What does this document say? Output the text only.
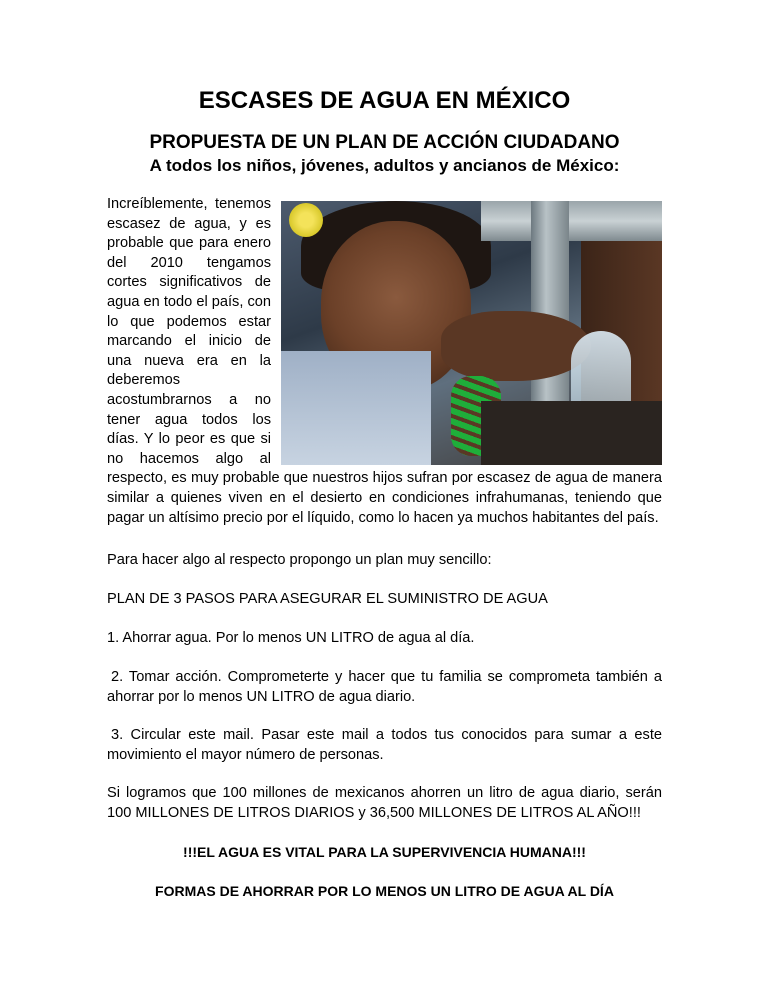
ESCASES DE AGUA EN MÉXICO
PROPUESTA DE UN PLAN DE ACCIÓN CIUDADANO
A todos los niños, jóvenes, adultos y ancianos de México:

Increíblemente, tenemos escasez de agua, y es probable que para enero del 2010 tengamos cortes significativos de agua en todo el país, con lo que podemos estar marcando el inicio de una nueva era en la deberemos acostumbrarnos a no tener agua todos los días. Y lo peor es que si no hacemos algo al respecto, es muy probable que nuestros hijos sufran por escasez de agua de manera similar a quienes viven en el desierto en condiciones infrahumanas, teniendo que pagar un altísimo precio por el líquido, como lo hacen ya muchos habitantes del país.

Para hacer algo al respecto propongo un plan muy sencillo:

PLAN DE 3 PASOS PARA ASEGURAR EL SUMINISTRO DE AGUA

1. Ahorrar agua. Por lo menos UN LITRO de agua al día.

2. Tomar acción. Comprometerte y hacer que tu familia se comprometa también a ahorrar por lo menos UN LITRO de agua diario.

3. Circular este mail. Pasar este mail a todos tus conocidos para sumar a este movimiento el mayor número de personas.

Si logramos que 100 millones de mexicanos ahorren un litro de agua diario, serán 100 MILLONES DE LITROS DIARIOS y 36,500 MILLONES DE LITROS AL AÑO!!!

!!!EL AGUA ES VITAL PARA LA SUPERVIVENCIA HUMANA!!!

FORMAS DE AHORRAR POR LO MENOS UN LITRO DE AGUA AL DÍA
